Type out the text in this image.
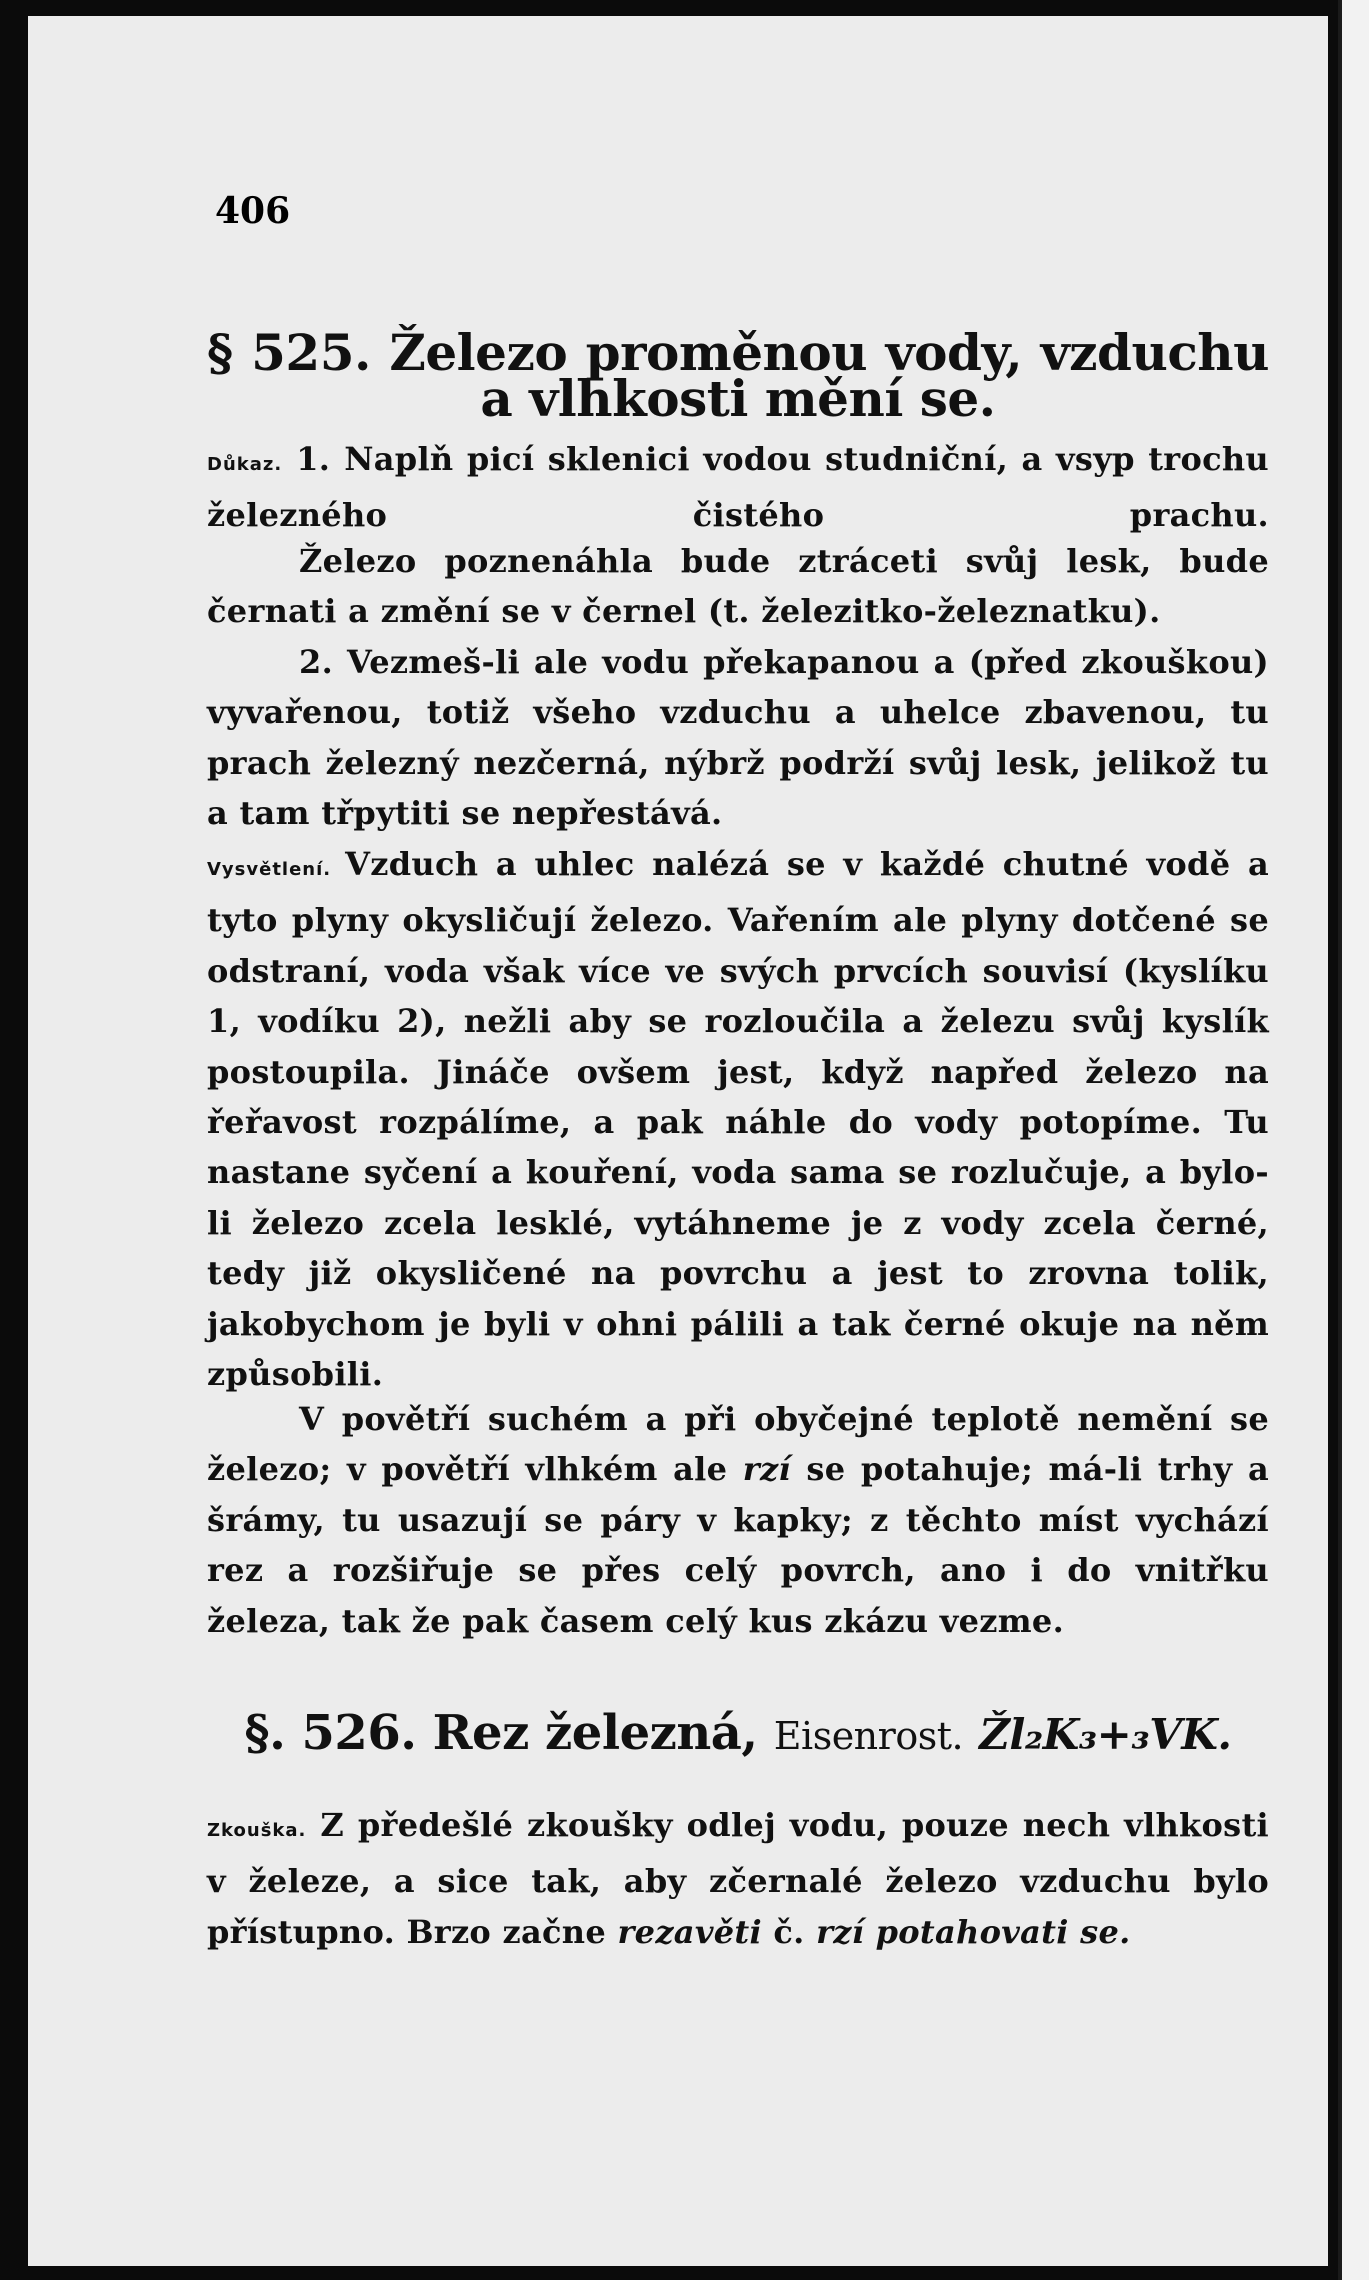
406
§ 525. Železo proměnou vody, vzduchu a vlhkosti mění se.

Důkaz. 1. Naplň picí sklenici vodou studniční, a vsyp trochu železného čistého prachu.

Železo poznenáhla bude ztráceti svůj lesk, bude černati a změní se v černel (t. železitko-železnatku).

2. Vezmeš-li ale vodu překapanou a (před zkouškou) vyvařenou, totiž všeho vzduchu a uhelce zbavenou, tu prach železný nezčerná, nýbrž podrží svůj lesk, jelikož tu a tam třpytiti se nepřestává.

Vysvětlení. Vzduch a uhlec nalézá se v každé chutné vodě a tyto plyny okysličují železo. Vařením ale plyny dotčené se odstraní, voda však více ve svých prvcích souvisí (kyslíku 1, vodíku 2), nežli aby se rozloučila a železu svůj kyslík postoupila. Jináče ovšem jest, když napřed železo na řeřavost rozpálíme, a pak náhle do vody potopíme. Tu nastane syčení a kouření, voda sama se rozlučuje, a bylo-li železo zcela lesklé, vytáhneme je z vody zcela černé, tedy již okysličené na povrchu a jest to zrovna tolik, jakobychom je byli v ohni pálili a tak černé okuje na něm způsobili.

V povětří suchém a při obyčejné teplotě nemění se železo; v povětří vlhkém ale rzí se potahuje; má-li trhy a šrámy, tu usazují se páry v kapky; z těchto míst vychází rez a rozšiřuje se přes celý povrch, ano i do vnitřku železa, tak že pak časem celý kus zkázu vezme.

§. 526. Rez železná, Eisenrost. Žl₂K₃+₃VK.

Zkouška. Z předešlé zkoušky odlej vodu, pouze nech vlhkosti v železe, a sice tak, aby zčernalé železo vzduchu bylo přístupno. Brzo začne rezavěti č. rzí potahovati se.
